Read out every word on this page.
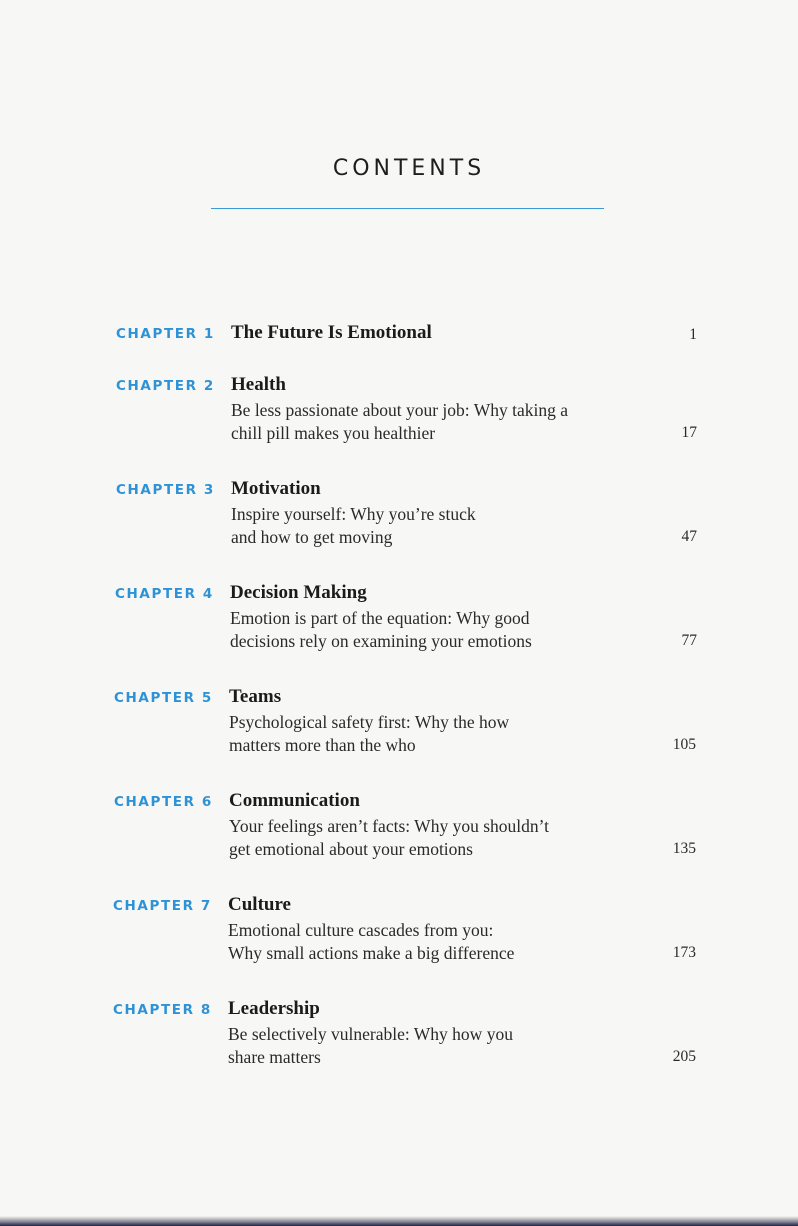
CONTENTS
CHAPTER 1 The Future Is Emotional	1
CHAPTER 2 Health
Be less passionate about your job: Why taking a
chill pill makes you healthier	17
CHAPTER 3 Motivation
Inspire yourself: Why you’re stuck
and how to get moving	47
CHAPTER 4 Decision Making
Emotion is part of the equation: Why good
decisions rely on examining your emotions	77
CHAPTER 5 Teams
Psychological safety first: Why the how
matters more than the who	105
CHAPTER 6 Communication
Your feelings aren’t facts: Why you shouldn’t
get emotional about your emotions	135
CHAPTER 7 Culture
Emotional culture cascades from you:
Why small actions make a big difference	173
CHAPTER 8 Leadership
Be selectively vulnerable: Why how you
share matters	205
